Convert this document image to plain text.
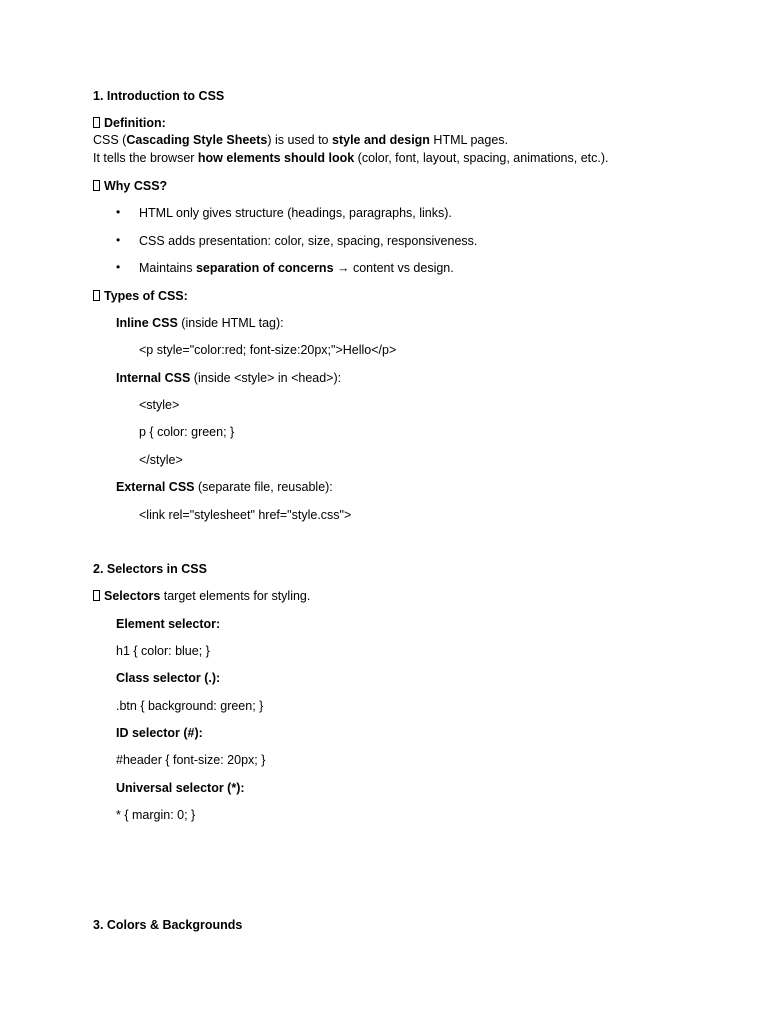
1. Introduction to CSS
Definition:
CSS (Cascading Style Sheets) is used to style and design HTML pages.
It tells the browser how elements should look (color, font, layout, spacing, animations, etc.).
Why CSS?
• HTML only gives structure (headings, paragraphs, links).
• CSS adds presentation: color, size, spacing, responsiveness.
• Maintains separation of concerns → content vs design.
Types of CSS:
Inline CSS (inside HTML tag):
<p style="color:red; font-size:20px;">Hello</p>
Internal CSS (inside <style> in <head>):
<style>
p { color: green; }
</style>
External CSS (separate file, reusable):
<link rel="stylesheet" href="style.css">
2. Selectors in CSS
Selectors target elements for styling.
Element selector:
h1 { color: blue; }
Class selector (.):
.btn { background: green; }
ID selector (#):
#header { font-size: 20px; }
Universal selector (*):
* { margin: 0; }
3. Colors & Backgrounds
